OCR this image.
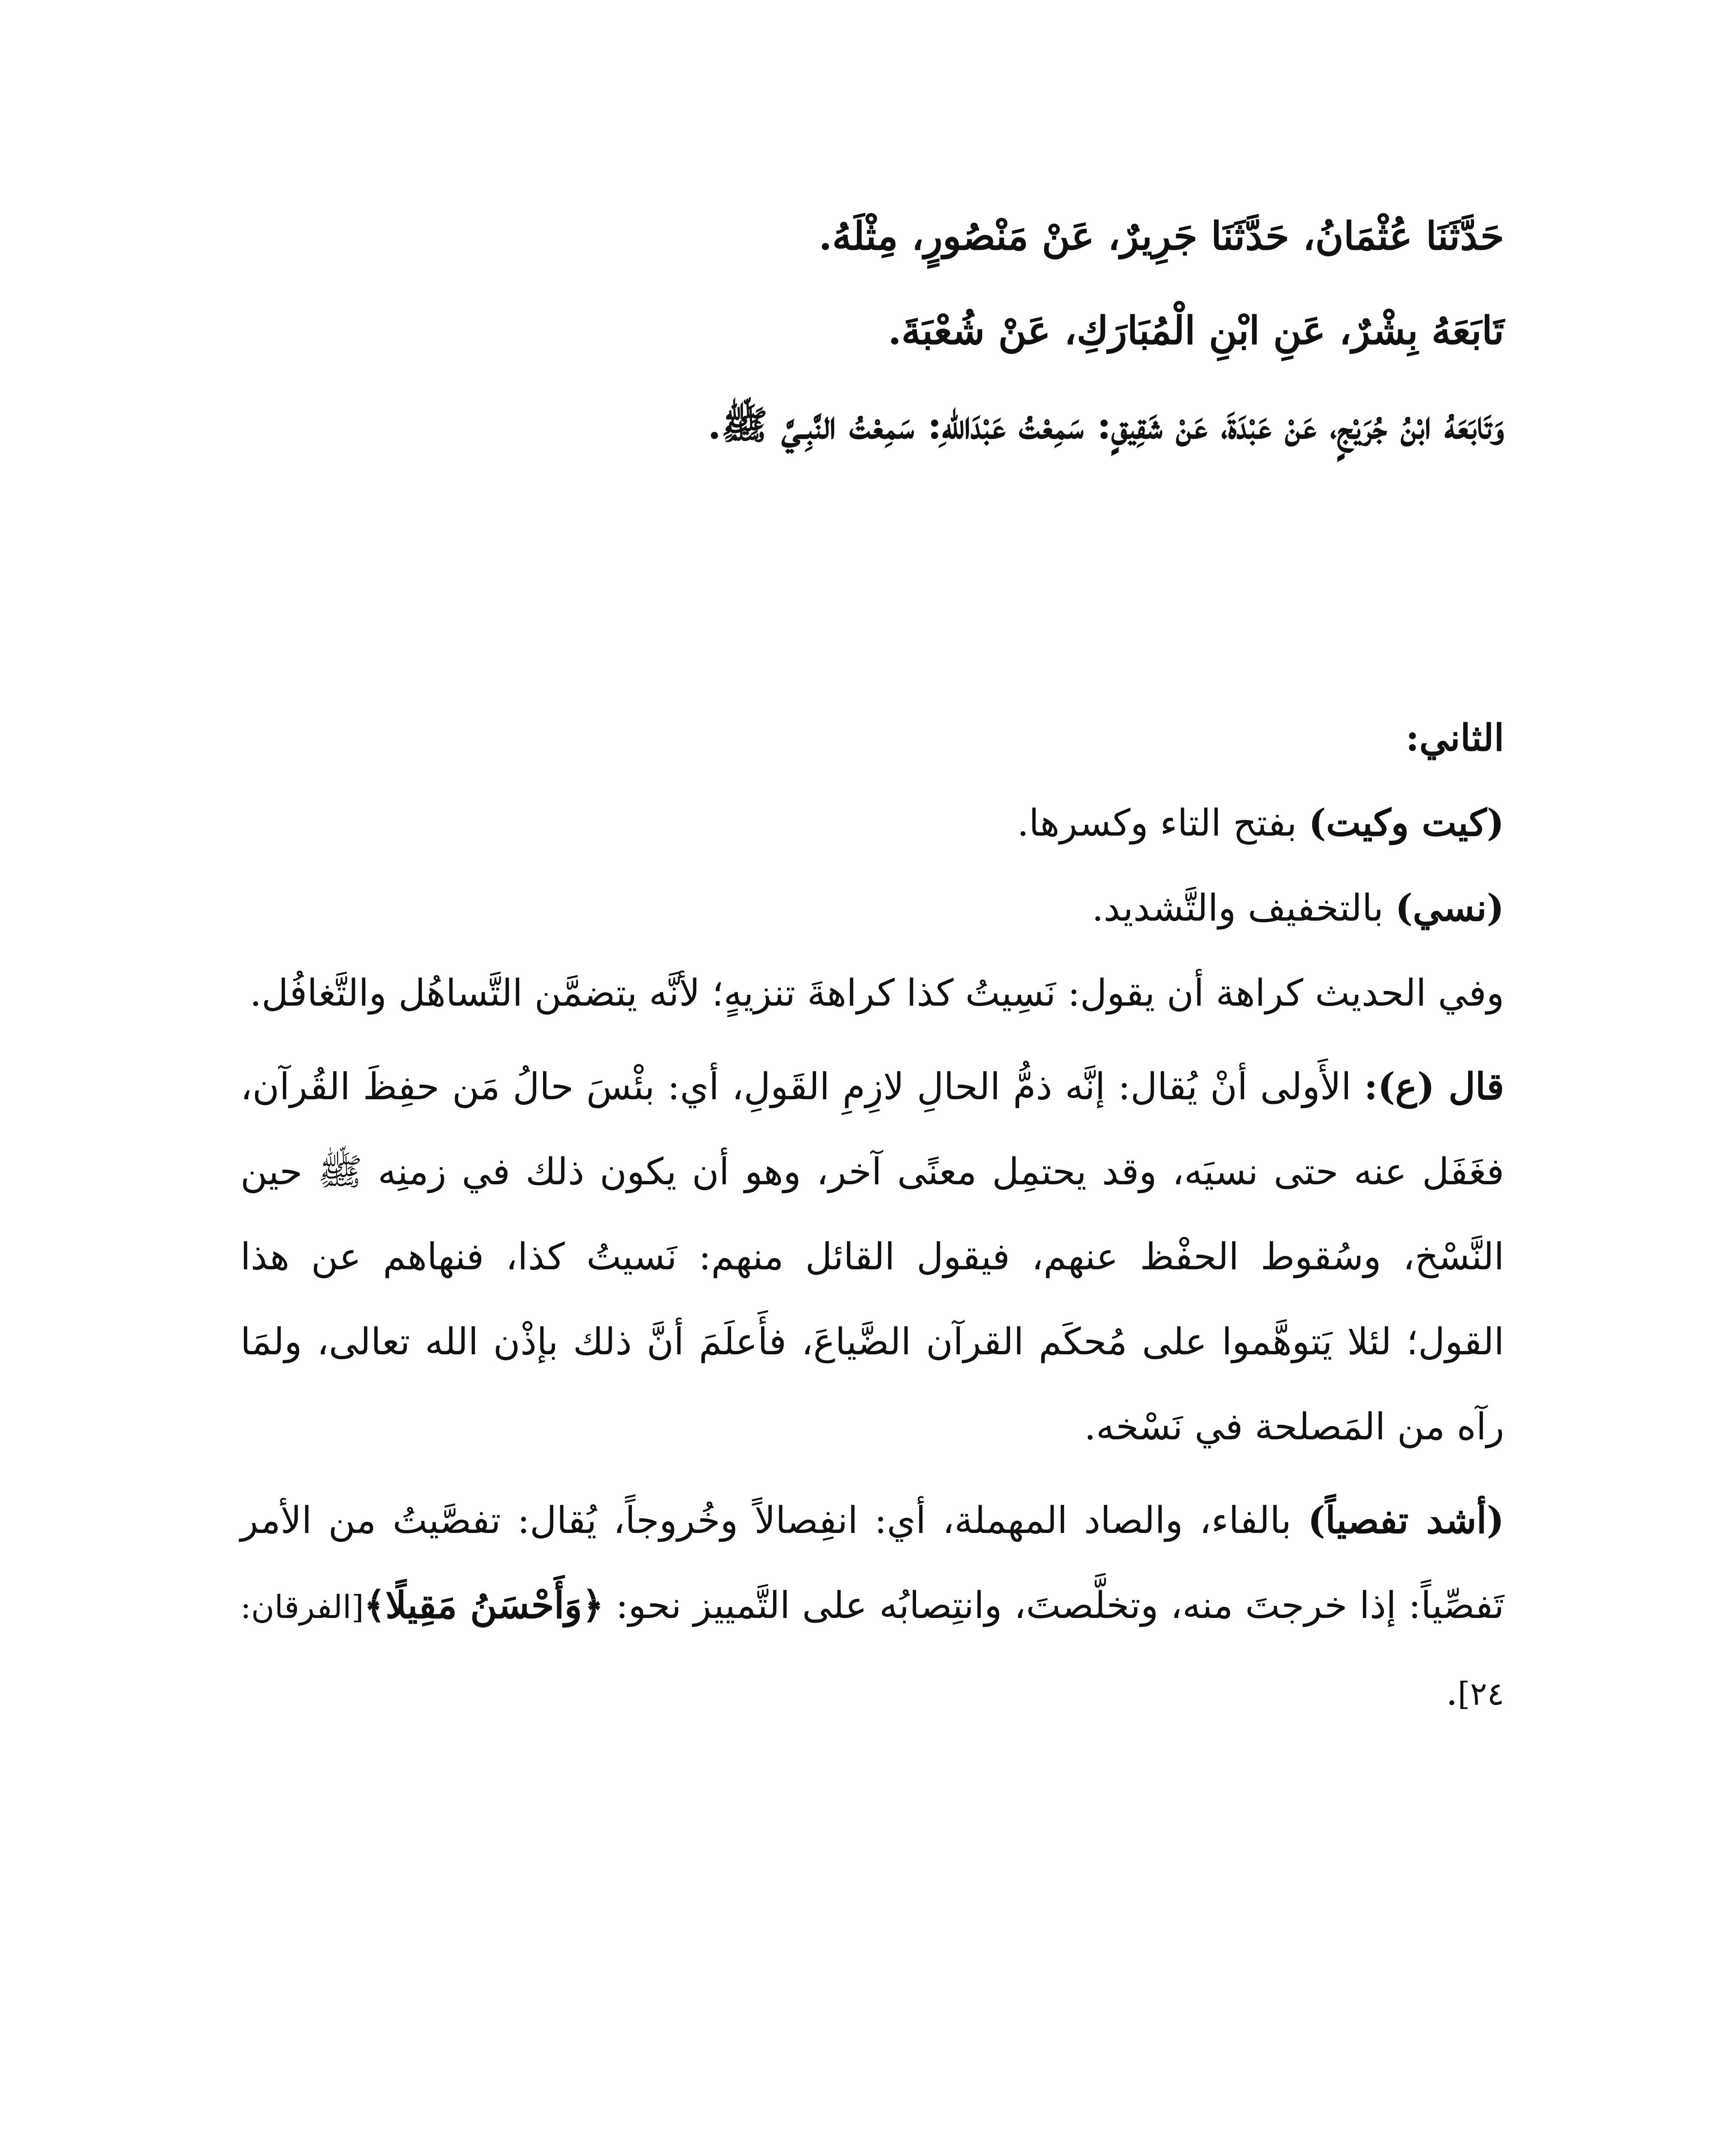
حَدَّثَنَا عُثْمَانُ، حَدَّثَنَا جَرِيرٌ، عَنْ مَنْصُورٍ، مِثْلَهُ.

تَابَعَهُ بِشْرٌ، عَنِ ابْنِ الْمُبَارَكِ، عَنْ شُعْبَةَ.

وَتَابَعَهُ ابْنُ جُرَيْجٍ، عَنْ عَبْدَةَ، عَنْ شَقِيقٍ: سَمِعْتُ عَبْدَاللهِ: سَمِعْتُ النَّبِـيَّ ﷺ.

الثاني:

(كيت وكيت) بفتح التاء وكسرها.

(نسي) بالتخفيف والتَّشديد.

وفي الحديث كراهة أن يقول: نَسِيتُ كذا كراهةَ تنزيهٍ؛ لأنَّه يتضمَّن التَّساهُل والتَّغافُل.

قال (ع): الأَولى أنْ يُقال: إنَّه ذمُّ الحالِ لازِمِ القَولِ، أي: بئْسَ حالُ مَن حفِظَ القُرآن، فغَفَل عنه حتى نسيَه، وقد يحتمِل معنًى آخر، وهو أن يكون ذلك في زمنِه ﷺ حين النَّسْخ، وسُقوط الحفْظ عنهم، فيقول القائل منهم: نَسيتُ كذا، فنهاهم عن هذا القول؛ لئلا يَتوهَّموا على مُحكَم القرآن الضَّياعَ، فأَعلَمَ أنَّ ذلك بإذْن الله تعالى، ولمَا رآه من المَصلحة في نَسْخه.

(أشد تفصياً) بالفاء، والصاد المهملة، أي: انفِصالاً وخُروجاً، يُقال: تفصَّيتُ من الأمر تَفصِّياً: إذا خرجتَ منه، وتخلَّصتَ، وانتِصابُه على التَّمييز نحو: ﴿وَأَحْسَنُ مَقِيلًا﴾[الفرقان: ٢٤].
